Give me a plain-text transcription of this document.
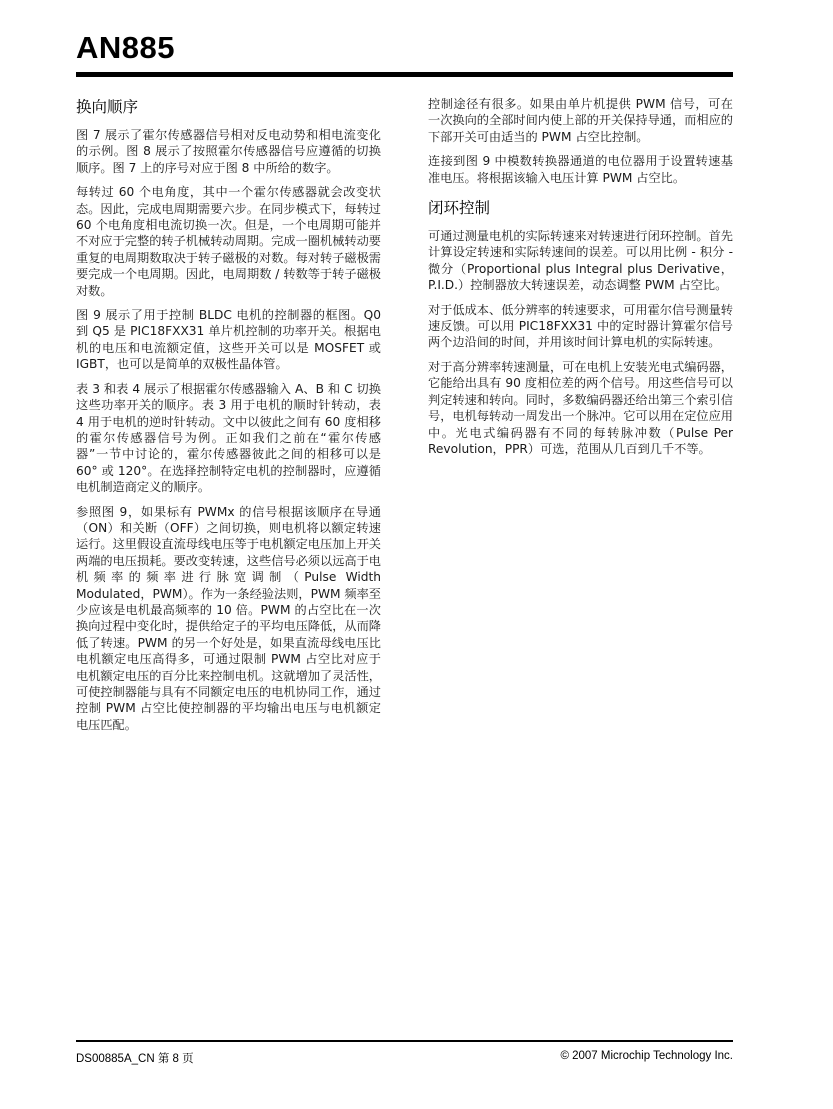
AN885
换向顺序

图 7 展示了霍尔传感器信号相对反电动势和相电流变化的示例。图 8 展示了按照霍尔传感器信号应遵循的切换顺序。图 7 上的序号对应于图 8 中所给的数字。

每转过 60 个电角度，其中一个霍尔传感器就会改变状态。因此，完成电周期需要六步。在同步模式下，每转过 60 个电角度相电流切换一次。但是，一个电周期可能并不对应于完整的转子机械转动周期。完成一圈机械转动要重复的电周期数取决于转子磁极的对数。每对转子磁极需要完成一个电周期。因此，电周期数 / 转数等于转子磁极对数。

图 9 展示了用于控制 BLDC 电机的控制器的框图。Q0 到 Q5 是 PIC18FXX31 单片机控制的功率开关。根据电机的电压和电流额定值，这些开关可以是 MOSFET 或 IGBT，也可以是简单的双极性晶体管。

表 3 和表 4 展示了根据霍尔传感器输入 A、B 和 C 切换这些功率开关的顺序。表 3 用于电机的顺时针转动，表 4 用于电机的逆时针转动。文中以彼此之间有 60 度相移的霍尔传感器信号为例。正如我们之前在“霍尔传感器”一节中讨论的，霍尔传感器彼此之间的相移可以是 60° 或 120°。在选择控制特定电机的控制器时，应遵循电机制造商定义的顺序。

参照图 9，如果标有 PWMx 的信号根据该顺序在导通（ON）和关断（OFF）之间切换，则电机将以额定转速运行。这里假设直流母线电压等于电机额定电压加上开关两端的电压损耗。要改变转速，这些信号必须以远高于电机频率的频率进行脉宽调制（Pulse Width Modulated，PWM）。作为一条经验法则，PWM 频率至少应该是电机最高频率的 10 倍。PWM 的占空比在一次换向过程中变化时，提供给定子的平均电压降低，从而降低了转速。PWM 的另一个好处是，如果直流母线电压比电机额定电压高得多，可通过限制 PWM 占空比对应于电机额定电压的百分比来控制电机。这就增加了灵活性，可使控制器能与具有不同额定电压的电机协同工作，通过控制 PWM 占空比使控制器的平均输出电压与电机额定电压匹配。

控制途径有很多。如果由单片机提供 PWM 信号，可在一次换向的全部时间内使上部的开关保持导通，而相应的下部开关可由适当的 PWM 占空比控制。

连接到图 9 中模数转换器通道的电位器用于设置转速基准电压。将根据该输入电压计算 PWM 占空比。

闭环控制

可通过测量电机的实际转速来对转速进行闭环控制。首先计算设定转速和实际转速间的误差。可以用比例 - 积分 - 微分（Proportional plus Integral plus Derivative，P.I.D.）控制器放大转速误差，动态调整 PWM 占空比。

对于低成本、低分辨率的转速要求，可用霍尔信号测量转速反馈。可以用 PIC18FXX31 中的定时器计算霍尔信号两个边沿间的时间，并用该时间计算电机的实际转速。

对于高分辨率转速测量，可在电机上安装光电式编码器，它能给出具有 90 度相位差的两个信号。用这些信号可以判定转速和转向。同时，多数编码器还给出第三个索引信号，电机每转动一周发出一个脉冲。它可以用在定位应用中。光电式编码器有不同的每转脉冲数（Pulse Per Revolution，PPR）可选，范围从几百到几千不等。

DS00885A_CN 第 8 页	© 2007 Microchip Technology Inc.
